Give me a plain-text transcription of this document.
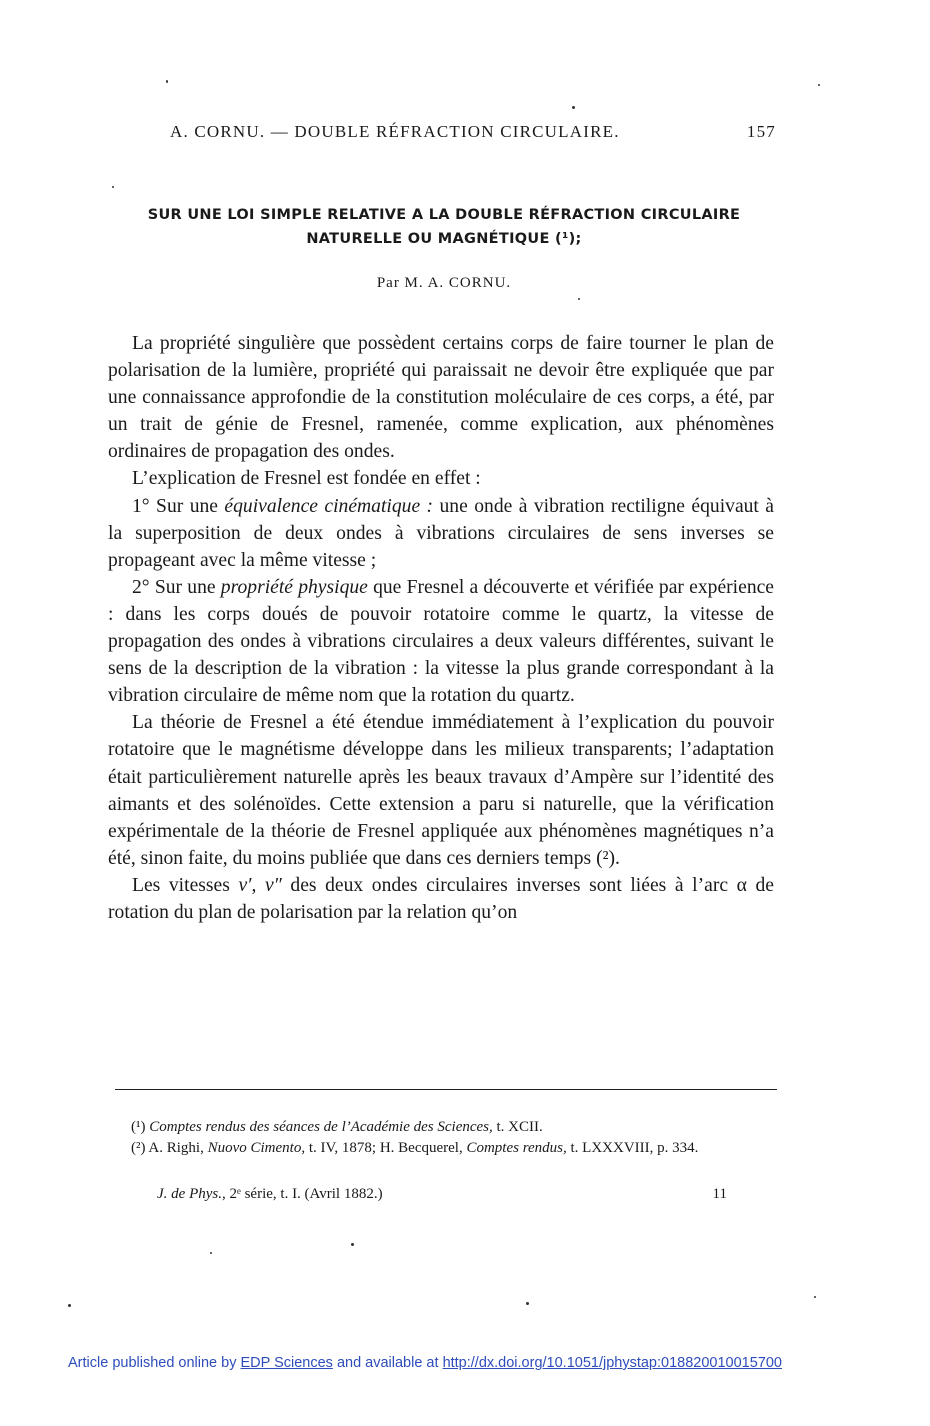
A. CORNU. — DOUBLE RÉFRACTION CIRCULAIRE.	157
SUR UNE LOI SIMPLE RELATIVE A LA DOUBLE RÉFRACTION CIRCULAIRE
NATURELLE OU MAGNÉTIQUE (¹);
Par M. A. CORNU.

La propriété singulière que possèdent certains corps de faire tourner le plan de polarisation de la lumière, propriété qui paraissait ne devoir être expliquée que par une connaissance approfondie de la constitution moléculaire de ces corps, a été, par un trait de génie de Fresnel, ramenée, comme explication, aux phénomènes ordinaires de propagation des ondes.

L’explication de Fresnel est fondée en effet :

1° Sur une équivalence cinématique : une onde à vibration rectiligne équivaut à la superposition de deux ondes à vibrations circulaires de sens inverses se propageant avec la même vitesse ;

2° Sur une propriété physique que Fresnel a découverte et vérifiée par expérience : dans les corps doués de pouvoir rotatoire comme le quartz, la vitesse de propagation des ondes à vibrations circulaires a deux valeurs différentes, suivant le sens de la description de la vibration : la vitesse la plus grande correspondant à la vibration circulaire de même nom que la rotation du quartz.

La théorie de Fresnel a été étendue immédiatement à l’explication du pouvoir rotatoire que le magnétisme développe dans les milieux transparents; l’adaptation était particulièrement naturelle après les beaux travaux d’Ampère sur l’identité des aimants et des solénoïdes. Cette extension a paru si naturelle, que la vérification expérimentale de la théorie de Fresnel appliquée aux phénomènes magnétiques n’a été, sinon faite, du moins publiée que dans ces derniers temps (²).

Les vitesses v′, v″ des deux ondes circulaires inverses sont liées à l’arc α de rotation du plan de polarisation par la relation qu’on

(¹) Comptes rendus des séances de l’Académie des Sciences, t. XCII.

(²) A. Righi, Nuovo Cimento, t. IV, 1878; H. Becquerel, Comptes rendus, t. LXXXVIII, p. 334.

J. de Phys., 2ᵉ série, t. I. (Avril 1882.)	11
Article published online by EDP Sciences and available at http://dx.doi.org/10.1051/jphystap:018820010015700
